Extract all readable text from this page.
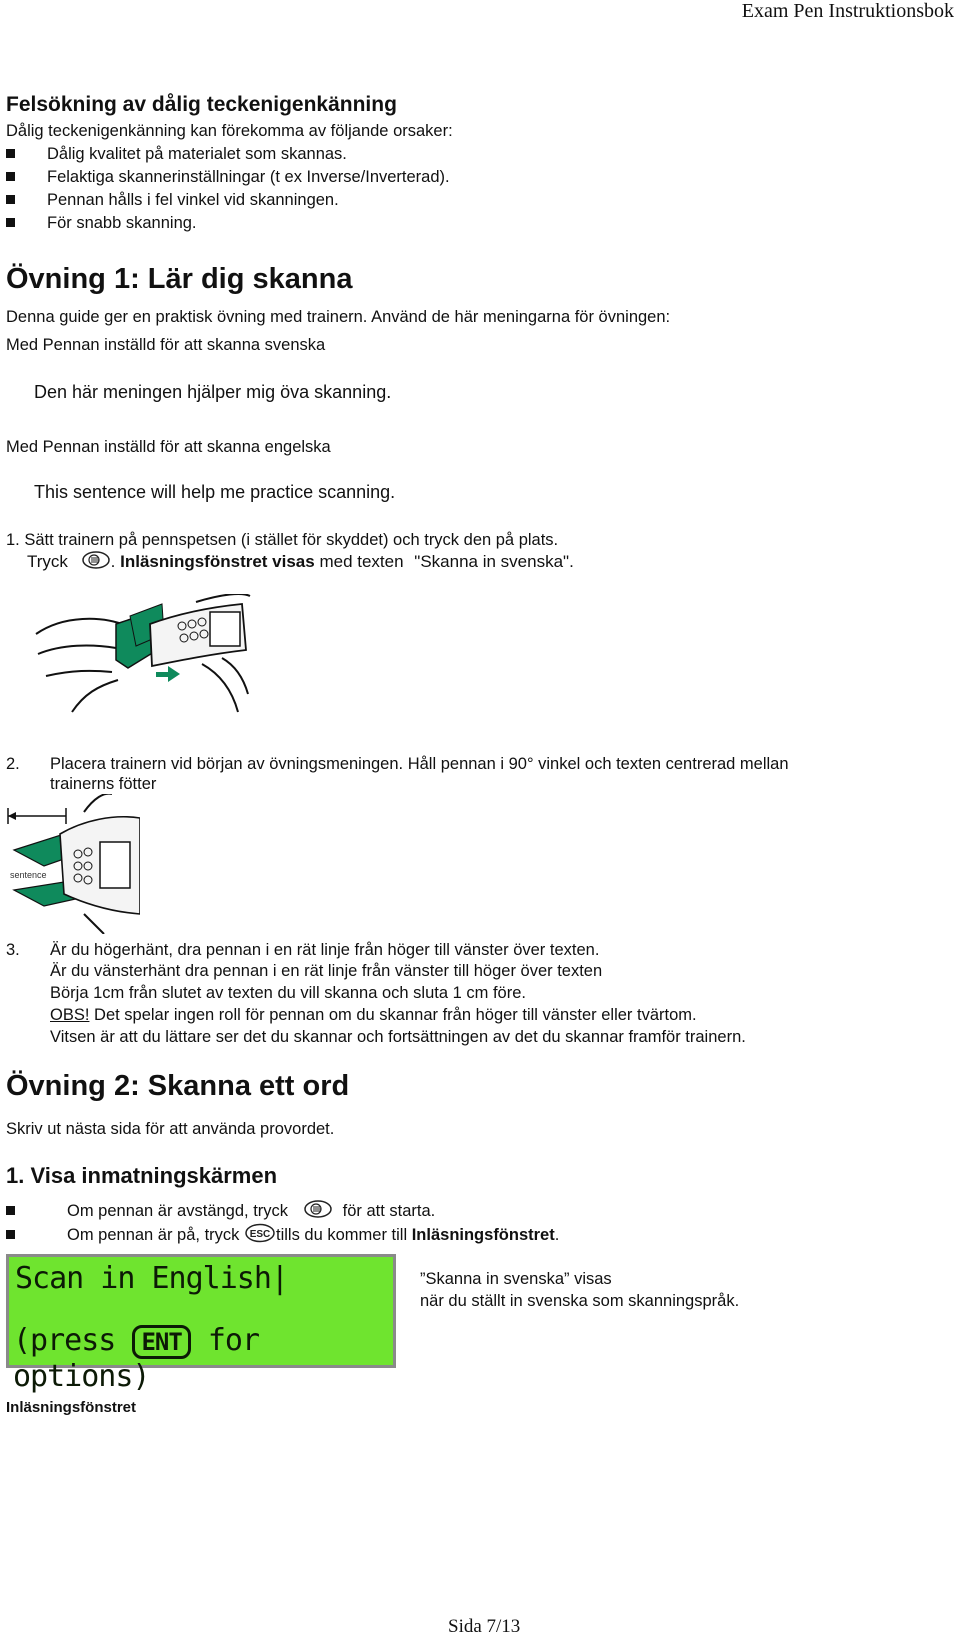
Exam Pen Instruktionsbok
Felsökning av dålig teckenigenkänning
Dålig teckenigenkänning kan förekomma av följande orsaker:
Dålig kvalitet på materialet som skannas.
Felaktiga skannerinställningar (t ex Inverse/Inverterad).
Pennan hålls i fel vinkel vid skanningen.
För snabb skanning.
Övning 1: Lär dig skanna
Denna guide ger en praktisk övning med trainern. Använd de här meningarna för övningen:
Med Pennan inställd för att skanna svenska
Den här meningen hjälper mig öva skanning.
Med Pennan inställd för att skanna engelska
This sentence will help me practice scanning.
1. Sätt trainern på pennspetsen (i stället för skyddet) och tryck den på plats.
Tryck	. Inläsningsfönstret visas med texten "Skanna in svenska".
2. Placera trainern vid början av övningsmeningen. Håll pennan i 90° vinkel och texten centrerad mellan
trainerns fötter
sentence
3. Är du högerhänt, dra pennan i en rät linje från höger till vänster över texten.
Är du vänsterhänt dra pennan i en rät linje från vänster till höger över texten
Börja 1cm från slutet av texten du vill skanna och sluta 1 cm före.
OBS! Det spelar ingen roll för pennan om du skannar från höger till vänster eller tvärtom.
Vitsen är att du lättare ser det du skannar och fortsättningen av det du skannar framför trainern.
Övning 2: Skanna ett ord
Skriv ut nästa sida för att använda provordet.
1. Visa inmatningskärmen
Om pennan är avstängd, tryck	för att starta.
Om pennan är på, tryck ESC tills du kommer till Inläsningsfönstret.
Scan in English|
(press ENT for options)
”Skanna in svenska” visas
när du ställt in svenska som skanningspråk.
Inläsningsfönstret
Sida 7/13
